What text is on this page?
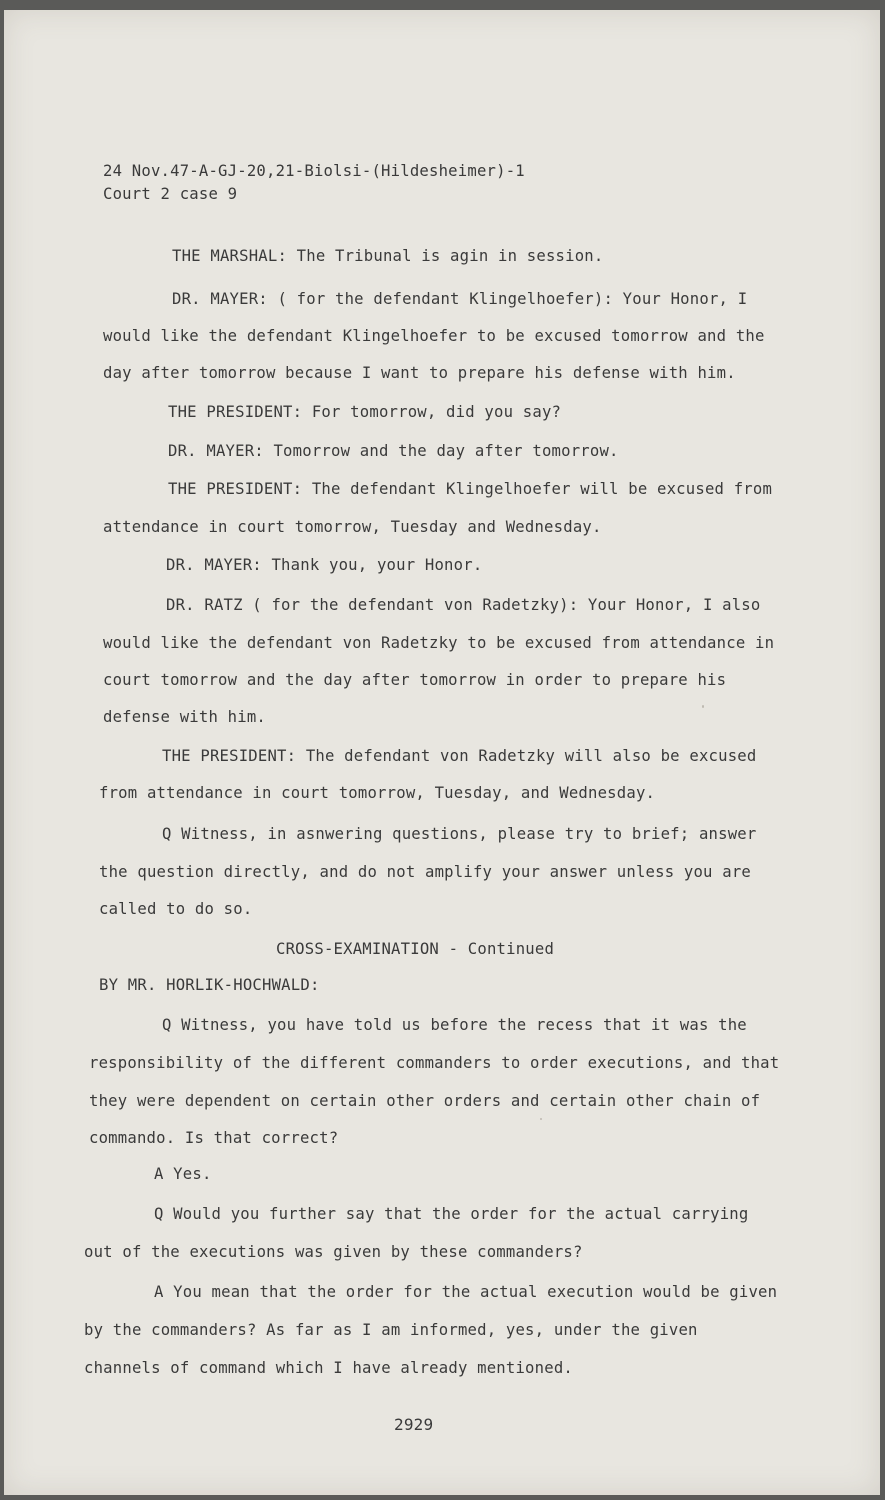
24 Nov.47-A-GJ-20,21-Biolsi-(Hildesheimer)-1
Court 2 case 9
THE MARSHAL: The Tribunal is agin in session.
DR. MAYER: ( for the defendant Klingelhoefer): Your Honor, I
would like the defendant Klingelhoefer to be excused tomorrow and the
day after tomorrow because I want to prepare his defense with him.
THE PRESIDENT: For tomorrow, did you say?
DR. MAYER: Tomorrow and the day after tomorrow.
THE PRESIDENT: The defendant Klingelhoefer will be excused from
attendance in court tomorrow, Tuesday and Wednesday.
DR. MAYER: Thank you, your Honor.
DR. RATZ ( for the defendant von Radetzky): Your Honor, I also
would like the defendant von Radetzky to be excused from attendance in
court tomorrow and the day after tomorrow in order to prepare his
defense with him.
THE PRESIDENT: The defendant von Radetzky will also be excused
from attendance in court tomorrow, Tuesday, and Wednesday.
Q Witness, in asnwering questions, please try to brief; answer
the question directly, and do not amplify your answer unless you are
called to do so.
CROSS-EXAMINATION - Continued
BY MR. HORLIK-HOCHWALD:
Q Witness, you have told us before the recess that it was the
responsibility of the different commanders to order executions, and that
they were dependent on certain other orders and certain other chain of
commando. Is that correct?
A Yes.
Q Would you further say that the order for the actual carrying
out of the executions was given by these commanders?
A You mean that the order for the actual execution would be given
by the commanders? As far as I am informed, yes, under the given
channels of command which I have already mentioned.
2929
